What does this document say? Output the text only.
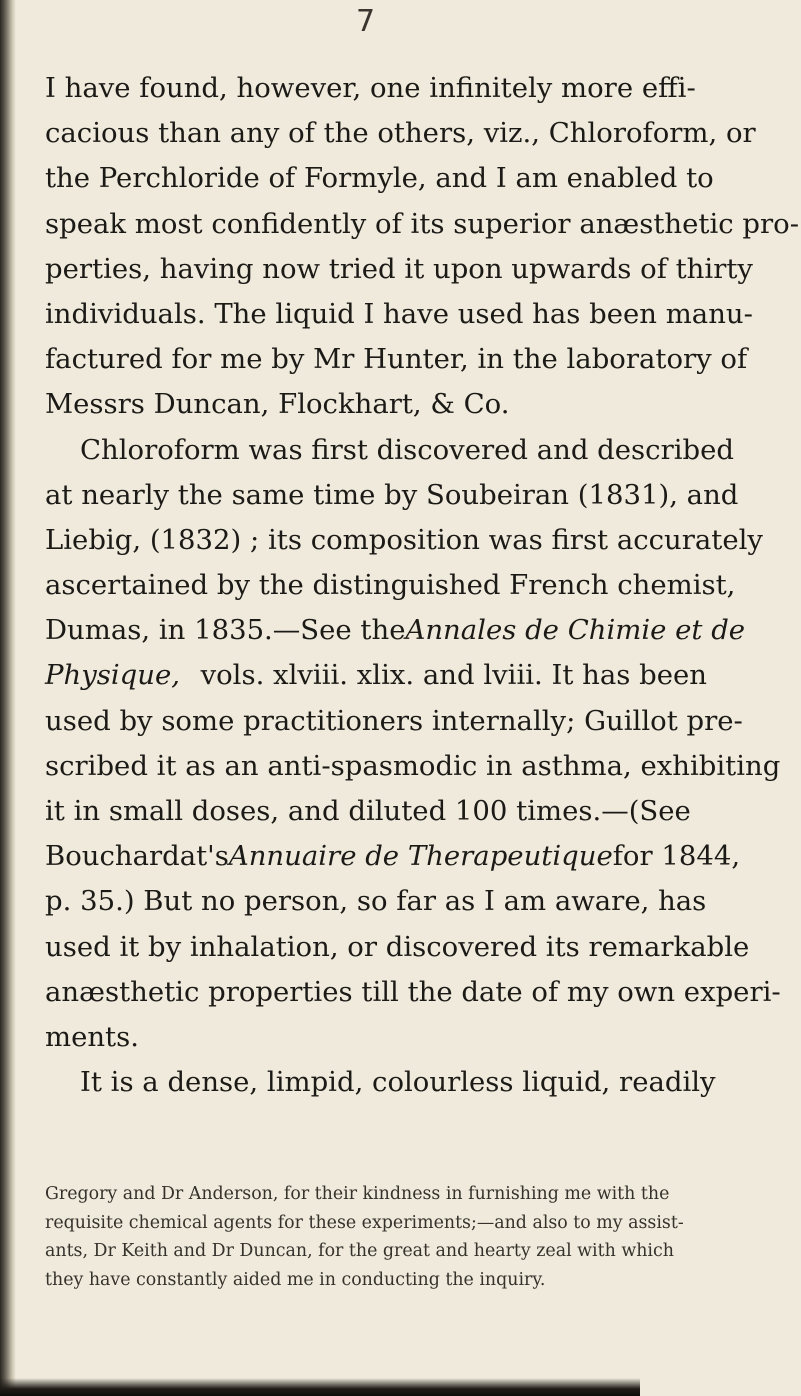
7
I have found, however, one infinitely more effi-
cacious than any of the others, viz., Chloroform, or
the Perchloride of Formyle, and I am enabled to
speak most confidently of its superior anæsthetic pro-
perties, having now tried it upon upwards of thirty
individuals. The liquid I have used has been manu-
factured for me by Mr Hunter, in the laboratory of
Messrs Duncan, Flockhart, & Co.
Chloroform was first discovered and described
at nearly the same time by Soubeiran (1831), and
Liebig, (1832) ; its composition was first accurately
ascertained by the distinguished French chemist,
Dumas, in 1835.—See the Annales de Chimie et de
Physique, vols. xlviii. xlix. and lviii. It has been
used by some practitioners internally; Guillot pre-
scribed it as an anti-spasmodic in asthma, exhibiting
it in small doses, and diluted 100 times.—(See
Bouchardat's Annuaire de Therapeutique for 1844,
p. 35.) But no person, so far as I am aware, has
used it by inhalation, or discovered its remarkable
anæsthetic properties till the date of my own experi-
ments.
It is a dense, limpid, colourless liquid, readily
Gregory and Dr Anderson, for their kindness in furnishing me with the
requisite chemical agents for these experiments;—and also to my assist-
ants, Dr Keith and Dr Duncan, for the great and hearty zeal with which
they have constantly aided me in conducting the inquiry.
